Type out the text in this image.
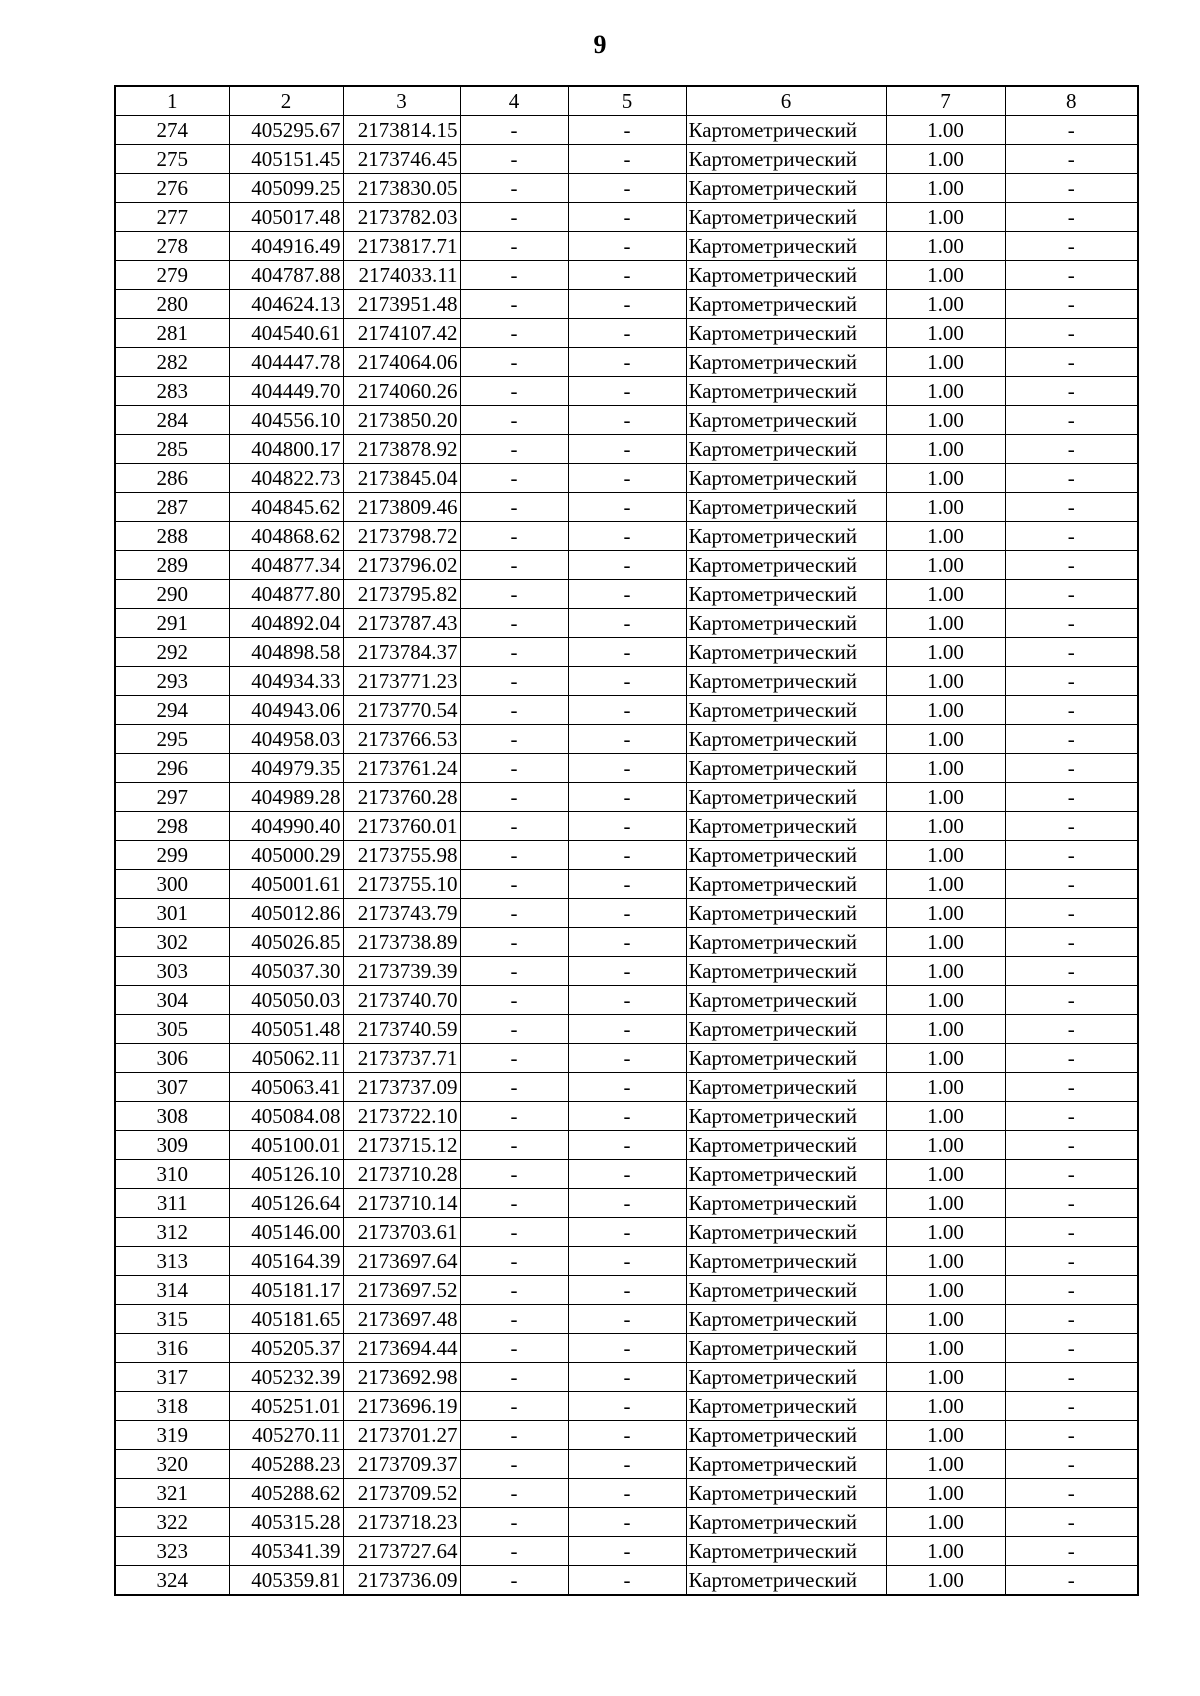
9
1	2	3	4	5	6	7	8
274	405295.67	2173814.15	-	-	Картометрический	1.00	-
275	405151.45	2173746.45	-	-	Картометрический	1.00	-
276	405099.25	2173830.05	-	-	Картометрический	1.00	-
277	405017.48	2173782.03	-	-	Картометрический	1.00	-
278	404916.49	2173817.71	-	-	Картометрический	1.00	-
279	404787.88	2174033.11	-	-	Картометрический	1.00	-
280	404624.13	2173951.48	-	-	Картометрический	1.00	-
281	404540.61	2174107.42	-	-	Картометрический	1.00	-
282	404447.78	2174064.06	-	-	Картометрический	1.00	-
283	404449.70	2174060.26	-	-	Картометрический	1.00	-
284	404556.10	2173850.20	-	-	Картометрический	1.00	-
285	404800.17	2173878.92	-	-	Картометрический	1.00	-
286	404822.73	2173845.04	-	-	Картометрический	1.00	-
287	404845.62	2173809.46	-	-	Картометрический	1.00	-
288	404868.62	2173798.72	-	-	Картометрический	1.00	-
289	404877.34	2173796.02	-	-	Картометрический	1.00	-
290	404877.80	2173795.82	-	-	Картометрический	1.00	-
291	404892.04	2173787.43	-	-	Картометрический	1.00	-
292	404898.58	2173784.37	-	-	Картометрический	1.00	-
293	404934.33	2173771.23	-	-	Картометрический	1.00	-
294	404943.06	2173770.54	-	-	Картометрический	1.00	-
295	404958.03	2173766.53	-	-	Картометрический	1.00	-
296	404979.35	2173761.24	-	-	Картометрический	1.00	-
297	404989.28	2173760.28	-	-	Картометрический	1.00	-
298	404990.40	2173760.01	-	-	Картометрический	1.00	-
299	405000.29	2173755.98	-	-	Картометрический	1.00	-
300	405001.61	2173755.10	-	-	Картометрический	1.00	-
301	405012.86	2173743.79	-	-	Картометрический	1.00	-
302	405026.85	2173738.89	-	-	Картометрический	1.00	-
303	405037.30	2173739.39	-	-	Картометрический	1.00	-
304	405050.03	2173740.70	-	-	Картометрический	1.00	-
305	405051.48	2173740.59	-	-	Картометрический	1.00	-
306	405062.11	2173737.71	-	-	Картометрический	1.00	-
307	405063.41	2173737.09	-	-	Картометрический	1.00	-
308	405084.08	2173722.10	-	-	Картометрический	1.00	-
309	405100.01	2173715.12	-	-	Картометрический	1.00	-
310	405126.10	2173710.28	-	-	Картометрический	1.00	-
311	405126.64	2173710.14	-	-	Картометрический	1.00	-
312	405146.00	2173703.61	-	-	Картометрический	1.00	-
313	405164.39	2173697.64	-	-	Картометрический	1.00	-
314	405181.17	2173697.52	-	-	Картометрический	1.00	-
315	405181.65	2173697.48	-	-	Картометрический	1.00	-
316	405205.37	2173694.44	-	-	Картометрический	1.00	-
317	405232.39	2173692.98	-	-	Картометрический	1.00	-
318	405251.01	2173696.19	-	-	Картометрический	1.00	-
319	405270.11	2173701.27	-	-	Картометрический	1.00	-
320	405288.23	2173709.37	-	-	Картометрический	1.00	-
321	405288.62	2173709.52	-	-	Картометрический	1.00	-
322	405315.28	2173718.23	-	-	Картометрический	1.00	-
323	405341.39	2173727.64	-	-	Картометрический	1.00	-
324	405359.81	2173736.09	-	-	Картометрический	1.00	-
